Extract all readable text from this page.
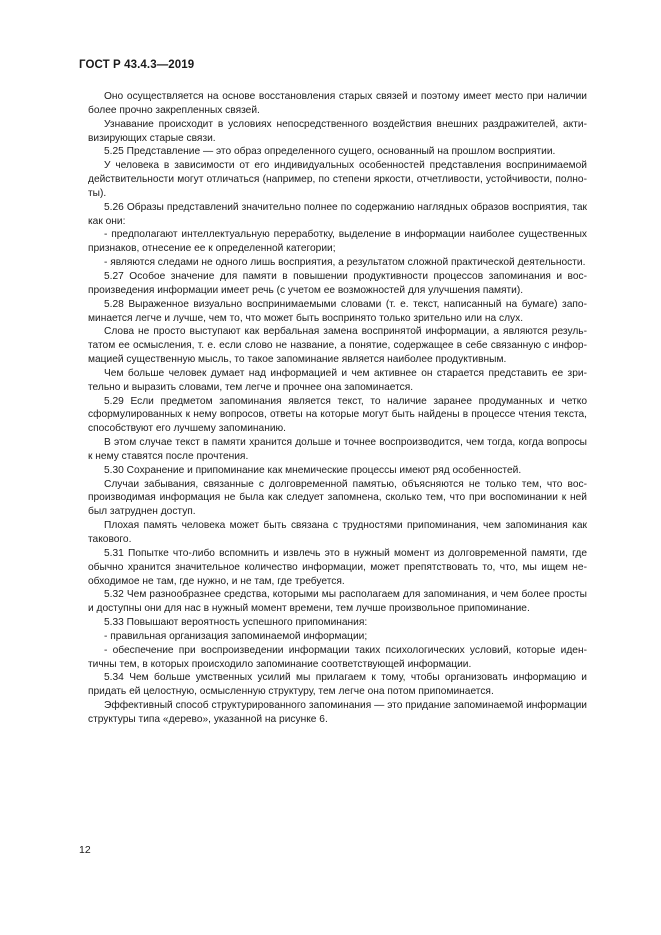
ГОСТ Р 43.4.3—2019

Оно осуществляется на основе восстановления старых связей и поэтому имеет место при наличии более прочно закрепленных связей.

Узнавание происходит в условиях непосредственного воздействия внешних раздражителей, активизирующих старые связи.

5.25 Представление — это образ определенного сущего, основанный на прошлом восприятии.

У человека в зависимости от его индивидуальных особенностей представления воспринимаемой действительности могут отличаться (например, по степени яркости, отчетливости, устойчивости, полноты).

5.26 Образы представлений значительно полнее по содержанию наглядных образов восприятия, так как они:

- предполагают интеллектуальную переработку, выделение в информации наиболее существенных признаков, отнесение ее к определенной категории;

- являются следами не одного лишь восприятия, а результатом сложной практической деятельности.

5.27 Особое значение для памяти в повышении продуктивности процессов запоминания и воспроизведения информации имеет речь (с учетом ее возможностей для улучшения памяти).

5.28 Выраженное визуально воспринимаемыми словами (т. е. текст, написанный на бумаге) запоминается легче и лучше, чем то, что может быть воспринято только зрительно или на слух.

Слова не просто выступают как вербальная замена воспринятой информации, а являются результатом ее осмысления, т. е. если слово не название, а понятие, содержащее в себе связанную с информацией существенную мысль, то такое запоминание является наиболее продуктивным.

Чем больше человек думает над информацией и чем активнее он старается представить ее зрительно и выразить словами, тем легче и прочнее она запоминается.

5.29 Если предметом запоминания является текст, то наличие заранее продуманных и четко сформулированных к нему вопросов, ответы на которые могут быть найдены в процессе чтения текста, способствуют его лучшему запоминанию.

В этом случае текст в памяти хранится дольше и точнее воспроизводится, чем тогда, когда вопросы к нему ставятся после прочтения.

5.30 Сохранение и припоминание как мнемические процессы имеют ряд особенностей.

Случаи забывания, связанные с долговременной памятью, объясняются не только тем, что воспроизводимая информация не была как следует запомнена, сколько тем, что при воспоминании к ней был затруднен доступ.

Плохая память человека может быть связана с трудностями припоминания, чем запоминания как такового.

5.31 Попытке что-либо вспомнить и извлечь это в нужный момент из долговременной памяти, где обычно хранится значительное количество информации, может препятствовать то, что, мы ищем необходимое не там, где нужно, и не там, где требуется.

5.32 Чем разнообразнее средства, которыми мы располагаем для запоминания, и чем более просты и доступны они для нас в нужный момент времени, тем лучше произвольное припоминание.

5.33 Повышают вероятность успешного припоминания:

- правильная организация запоминаемой информации;

- обеспечение при воспроизведении информации таких психологических условий, которые идентичны тем, в которых происходило запоминание соответствующей информации.

5.34 Чем больше умственных усилий мы прилагаем к тому, чтобы организовать информацию и придать ей целостную, осмысленную структуру, тем легче она потом припоминается.

Эффективный способ структурированного запоминания — это придание запоминаемой информации структуры типа «дерево», указанной на рисунке 6.

12
